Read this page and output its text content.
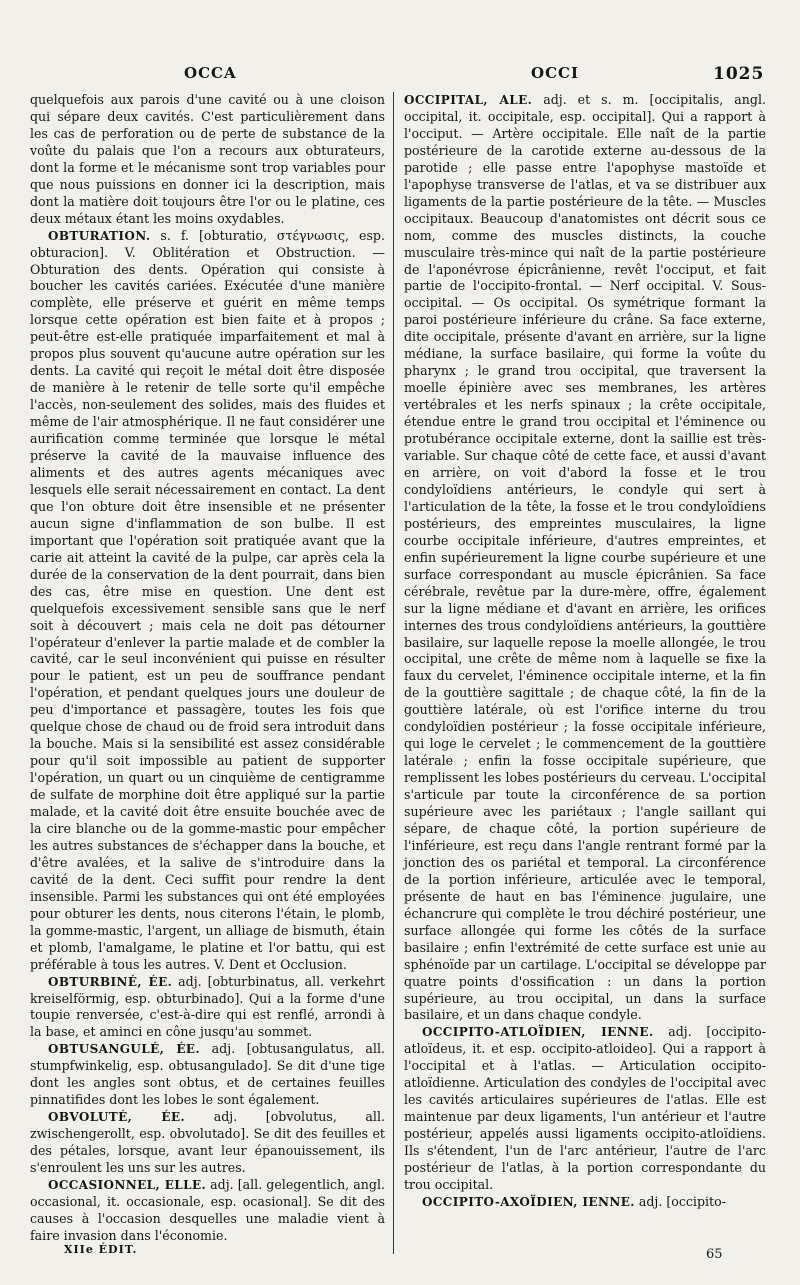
OCCA	OCCI	1025

quelquefois aux parois d'une cavité ou à une cloison qui sépare deux cavités. C'est particulièrement dans les cas de perforation ou de perte de substance de la voûte du palais que l'on a recours aux obturateurs, dont la forme et le mécanisme sont trop variables pour que nous puissions en donner ici la description, mais dont la matière doit toujours être l'or ou le platine, ces deux métaux étant les moins oxydables.

OBTURATION. s. f. [obturatio, στέγνωσις, esp. obturacion]. V. Oblitération et Obstruction. — Obturation des dents. Opération qui consiste à boucher les cavités cariées. Exécutée d'une manière complète, elle préserve et guérit en même temps lorsque cette opération est bien faite et à propos ; peut-être est-elle pratiquée imparfaitement et mal à propos plus souvent qu'aucune autre opération sur les dents. La cavité qui reçoit le métal doit être disposée de manière à le retenir de telle sorte qu'il empêche l'accès, non-seulement des solides, mais des fluides et même de l'air atmosphérique. Il ne faut considérer une aurification comme terminée que lorsque le métal préserve la cavité de la mauvaise influence des aliments et des autres agents mécaniques avec lesquels elle serait nécessairement en contact. La dent que l'on obture doit être insensible et ne présenter aucun signe d'inflammation de son bulbe. Il est important que l'opération soit pratiquée avant que la carie ait atteint la cavité de la pulpe, car après cela la durée de la conservation de la dent pourrait, dans bien des cas, être mise en question. Une dent est quelquefois excessivement sensible sans que le nerf soit à découvert ; mais cela ne doit pas détourner l'opérateur d'enlever la partie malade et de combler la cavité, car le seul inconvénient qui puisse en résulter pour le patient, est un peu de souffrance pendant l'opération, et pendant quelques jours une douleur de peu d'importance et passagère, toutes les fois que quelque chose de chaud ou de froid sera introduit dans la bouche. Mais si la sensibilité est assez considérable pour qu'il soit impossible au patient de supporter l'opération, un quart ou un cinquième de centigramme de sulfate de morphine doit être appliqué sur la partie malade, et la cavité doit être ensuite bouchée avec de la cire blanche ou de la gomme-mastic pour empêcher les autres substances de s'échapper dans la bouche, et d'être avalées, et la salive de s'introduire dans la cavité de la dent. Ceci suffit pour rendre la dent insensible. Parmi les substances qui ont été employées pour obturer les dents, nous citerons l'étain, le plomb, la gomme-mastic, l'argent, un alliage de bismuth, étain et plomb, l'amalgame, le platine et l'or battu, qui est préférable à tous les autres. V. Dent et Occlusion.

OBTURBINÉ, ÉE. adj. [obturbinatus, all. verkehrt kreiselförmig, esp. obturbinado]. Qui a la forme d'une toupie renversée, c'est-à-dire qui est renflé, arrondi à la base, et aminci en cône jusqu'au sommet.

OBTUSANGULÉ, ÉE. adj. [obtusangulatus, all. stumpfwinkelig, esp. obtusangulado]. Se dit d'une tige dont les angles sont obtus, et de certaines feuilles pinnatifides dont les lobes le sont également.

OBVOLUTÉ, ÉE. adj. [obvolutus, all. zwischengerollt, esp. obvolutado]. Se dit des feuilles et des pétales, lorsque, avant leur épanouissement, ils s'enroulent les uns sur les autres.

OCCASIONNEL, ELLE. adj. [all. gelegentlich, angl. occasional, it. occasionale, esp. ocasional]. Se dit des causes à l'occasion desquelles une maladie vient à faire invasion dans l'économie.

OCCIPITAL, ALE. adj. et s. m. [occipitalis, angl. occipital, it. occipitale, esp. occipital]. Qui a rapport à l'occiput. — Artère occipitale. Elle naît de la partie postérieure de la carotide externe au-dessous de la parotide ; elle passe entre l'apophyse mastoïde et l'apophyse transverse de l'atlas, et va se distribuer aux ligaments de la partie postérieure de la tête. — Muscles occipitaux. Beaucoup d'anatomistes ont décrit sous ce nom, comme des muscles distincts, la couche musculaire très-mince qui naît de la partie postérieure de l'aponévrose épicrânienne, revêt l'occiput, et fait partie de l'occipito-frontal. — Nerf occipital. V. Sous-occipital. — Os occipital. Os symétrique formant la paroi postérieure inférieure du crâne. Sa face externe, dite occipitale, présente d'avant en arrière, sur la ligne médiane, la surface basilaire, qui forme la voûte du pharynx ; le grand trou occipital, que traversent la moelle épinière avec ses membranes, les artères vertébrales et les nerfs spinaux ; la crête occipitale, étendue entre le grand trou occipital et l'éminence ou protubérance occipitale externe, dont la saillie est très-variable. Sur chaque côté de cette face, et aussi d'avant en arrière, on voit d'abord la fosse et le trou condyloïdiens antérieurs, le condyle qui sert à l'articulation de la tête, la fosse et le trou condyloïdiens postérieurs, des empreintes musculaires, la ligne courbe occipitale inférieure, d'autres empreintes, et enfin supérieurement la ligne courbe supérieure et une surface correspondant au muscle épicrânien. Sa face cérébrale, revêtue par la dure-mère, offre, également sur la ligne médiane et d'avant en arrière, les orifices internes des trous condyloïdiens antérieurs, la gouttière basilaire, sur laquelle repose la moelle allongée, le trou occipital, une crête de même nom à laquelle se fixe la faux du cervelet, l'éminence occipitale interne, et la fin de la gouttière sagittale ; de chaque côté, la fin de la gouttière latérale, où est l'orifice interne du trou condyloïdien postérieur ; la fosse occipitale inférieure, qui loge le cervelet ; le commencement de la gouttière latérale ; enfin la fosse occipitale supérieure, que remplissent les lobes postérieurs du cerveau. L'occipital s'articule par toute la circonférence de sa portion supérieure avec les pariétaux ; l'angle saillant qui sépare, de chaque côté, la portion supérieure de l'inférieure, est reçu dans l'angle rentrant formé par la jonction des os pariétal et temporal. La circonférence de la portion inférieure, articulée avec le temporal, présente de haut en bas l'éminence jugulaire, une échancrure qui complète le trou déchiré postérieur, une surface allongée qui forme les côtés de la surface basilaire ; enfin l'extrémité de cette surface est unie au sphénoïde par un cartilage. L'occipital se développe par quatre points d'ossification : un dans la portion supérieure, au trou occipital, un dans la surface basilaire, et un dans chaque condyle.

OCCIPITO-ATLOÏDIEN, IENNE. adj. [occipito-atloïdeus, it. et esp. occipito-atloideo]. Qui a rapport à l'occipital et à l'atlas. — Articulation occipito-atloïdienne. Articulation des condyles de l'occipital avec les cavités articulaires supérieures de l'atlas. Elle est maintenue par deux ligaments, l'un antérieur et l'autre postérieur, appelés aussi ligaments occipito-atloïdiens. Ils s'étendent, l'un de l'arc antérieur, l'autre de l'arc postérieur de l'atlas, à la portion correspondante du trou occipital.

OCCIPITO-AXOÏDIEN, IENNE. adj. [occipito-

XIIe ÉDIT.	65
